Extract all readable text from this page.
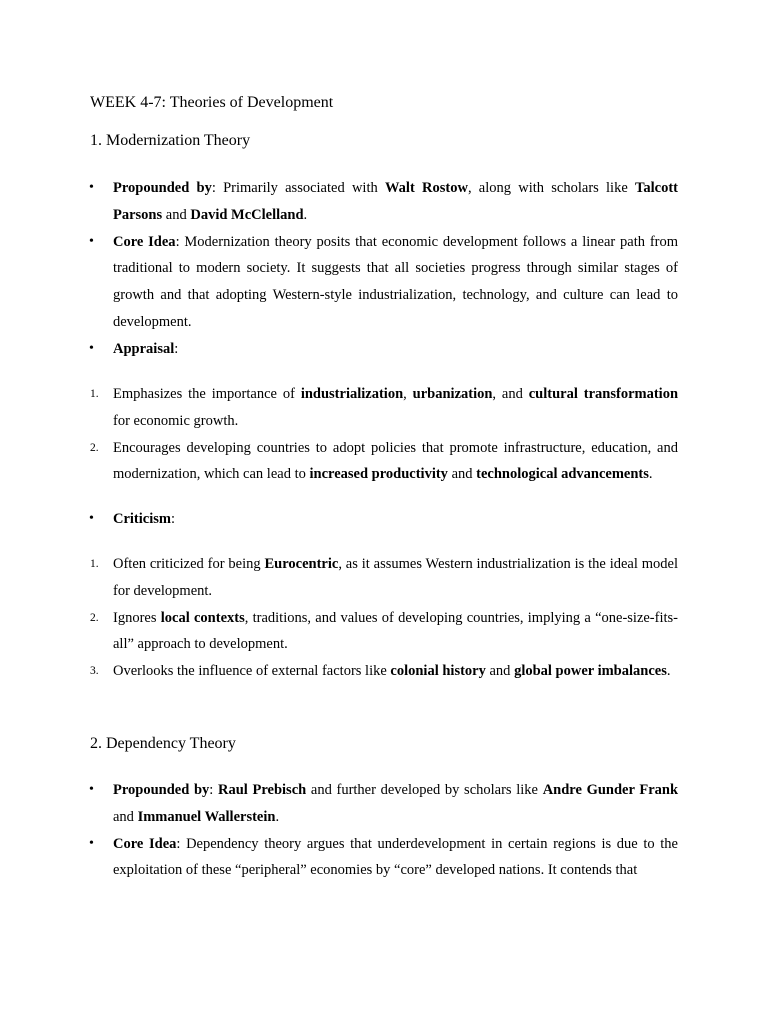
WEEK 4-7: Theories of Development
1. Modernization Theory
• Propounded by: Primarily associated with Walt Rostow, along with scholars like Talcott Parsons and David McClelland.
• Core Idea: Modernization theory posits that economic development follows a linear path from traditional to modern society. It suggests that all societies progress through similar stages of growth and that adopting Western-style industrialization, technology, and culture can lead to development.
• Appraisal:
1. Emphasizes the importance of industrialization, urbanization, and cultural transformation for economic growth.
2. Encourages developing countries to adopt policies that promote infrastructure, education, and modernization, which can lead to increased productivity and technological advancements.
• Criticism:
1. Often criticized for being Eurocentric, as it assumes Western industrialization is the ideal model for development.
2. Ignores local contexts, traditions, and values of developing countries, implying a “one-size-fits-all” approach to development.
3. Overlooks the influence of external factors like colonial history and global power imbalances.
2. Dependency Theory
• Propounded by: Raul Prebisch and further developed by scholars like Andre Gunder Frank and Immanuel Wallerstein.
• Core Idea: Dependency theory argues that underdevelopment in certain regions is due to the exploitation of these “peripheral” economies by “core” developed nations. It contends that
